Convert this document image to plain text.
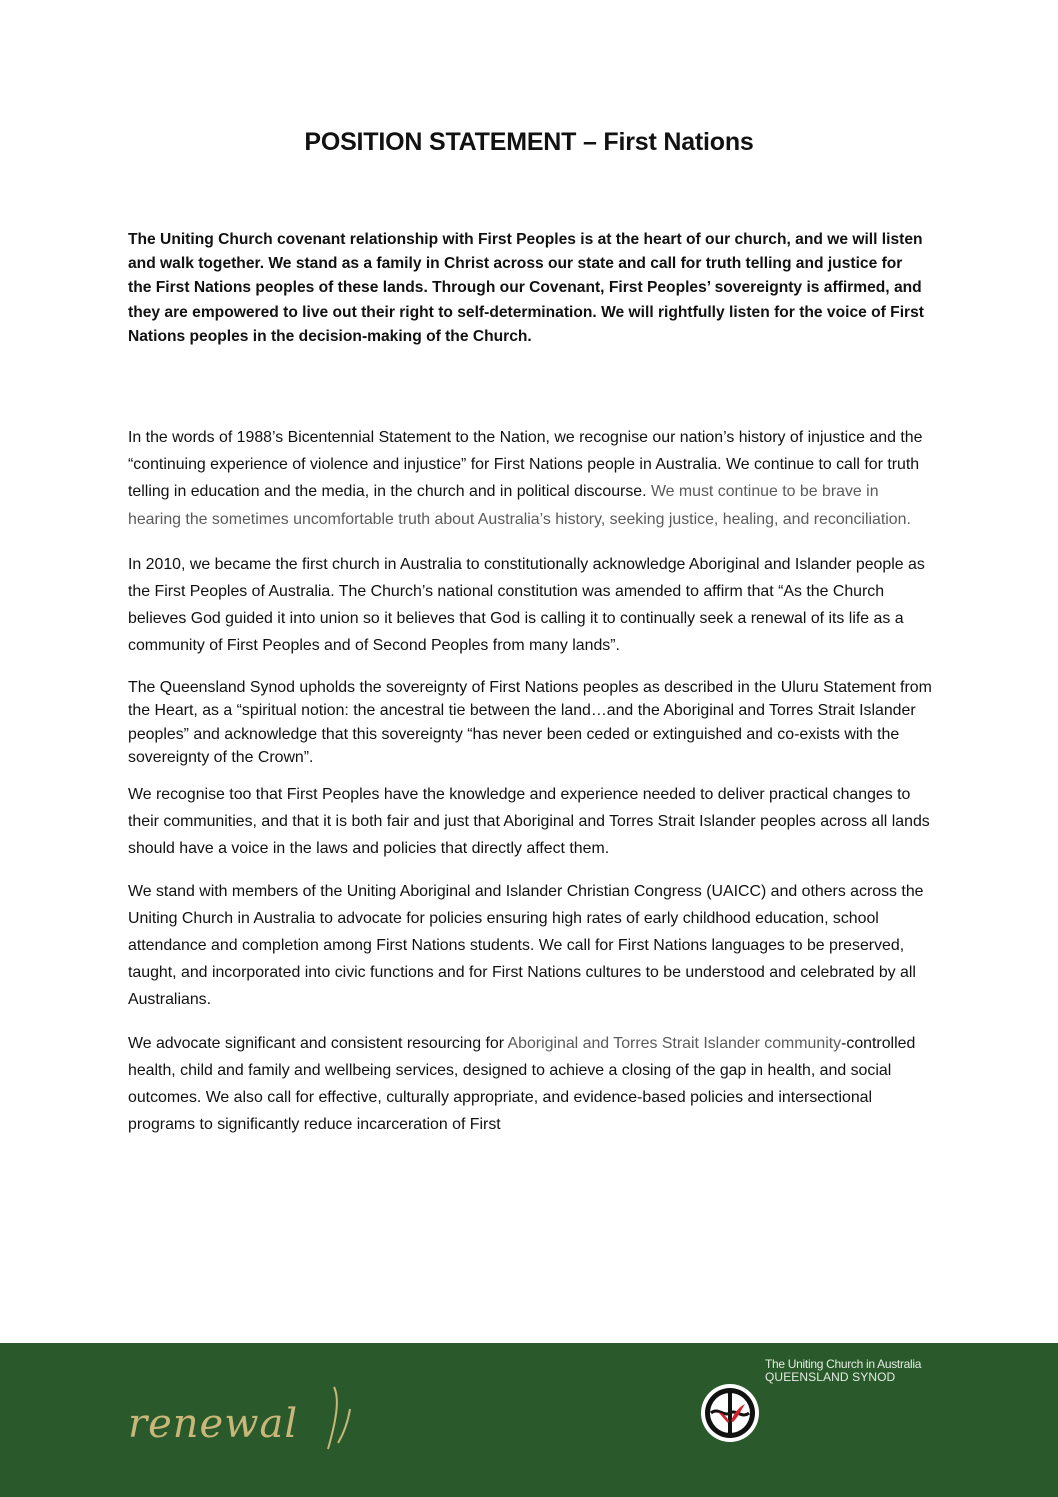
POSITION STATEMENT – First Nations

The Uniting Church covenant relationship with First Peoples is at the heart of our church, and we will listen and walk together. We stand as a family in Christ across our state and call for truth telling and justice for the First Nations peoples of these lands. Through our Covenant, First Peoples’ sovereignty is affirmed, and they are empowered to live out their right to self-determination. We will rightfully listen for the voice of First Nations peoples in the decision-making of the Church.

In the words of 1988’s Bicentennial Statement to the Nation, we recognise our nation’s history of injustice and the “continuing experience of violence and injustice” for First Nations people in Australia. We continue to call for truth telling in education and the media, in the church and in political discourse. We must continue to be brave in hearing the sometimes uncomfortable truth about Australia’s history, seeking justice, healing, and reconciliation.

In 2010, we became the first church in Australia to constitutionally acknowledge Aboriginal and Islander people as the First Peoples of Australia. The Church’s national constitution was amended to affirm that “As the Church believes God guided it into union so it believes that God is calling it to continually seek a renewal of its life as a community of First Peoples and of Second Peoples from many lands”.

The Queensland Synod upholds the sovereignty of First Nations peoples as described in the Uluru Statement from the Heart, as a “spiritual notion: the ancestral tie between the land…and the Aboriginal and Torres Strait Islander peoples” and acknowledge that this sovereignty “has never been ceded or extinguished and co-exists with the sovereignty of the Crown”.

We recognise too that First Peoples have the knowledge and experience needed to deliver practical changes to their communities, and that it is both fair and just that Aboriginal and Torres Strait Islander peoples across all lands should have a voice in the laws and policies that directly affect them.

We stand with members of the Uniting Aboriginal and Islander Christian Congress (UAICC) and others across the Uniting Church in Australia to advocate for policies ensuring high rates of early childhood education, school attendance and completion among First Nations students. We call for First Nations languages to be preserved, taught, and incorporated into civic functions and for First Nations cultures to be understood and celebrated by all Australians.

We advocate significant and consistent resourcing for Aboriginal and Torres Strait Islander community-controlled health, child and family and wellbeing services, designed to achieve a closing of the gap in health, and social outcomes. We also call for effective, culturally appropriate, and evidence-based policies and intersectional programs to significantly reduce incarceration of First

renewal
The Uniting Church in Australia
QUEENSLAND SYNOD
